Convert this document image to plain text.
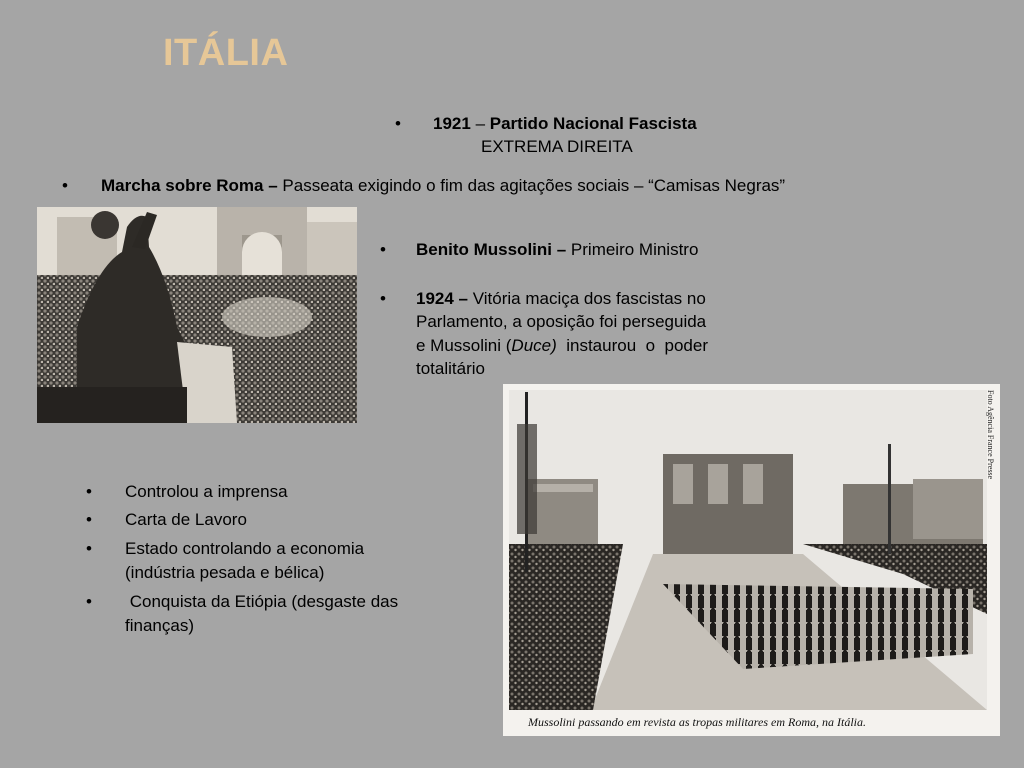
ITÁLIA
• 1921 – Partido Nacional Fascista
EXTREMA DIREITA
• Marcha sobre Roma – Passeata exigindo o fim das agitações sociais – “Camisas Negras”
• Benito Mussolini – Primeiro Ministro
• 1924 – Vitória maciça dos fascistas no
Parlamento, a oposição foi perseguida
e Mussolini (Duce)  instaurou  o  poder
totalitário
Mussolini passando em revista as tropas militares em Roma, na Itália.
Foto Agência France Presse
• Controlou a imprensa
• Carta de Lavoro
• Estado controlando a economia
(indústria pesada e bélica)
• Conquista da Etiópia (desgaste das
finanças)
